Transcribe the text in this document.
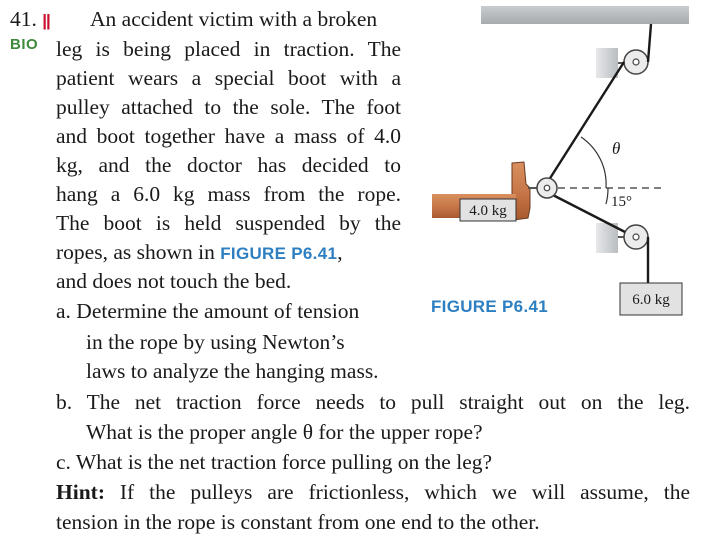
41. ||
BIO
An accident victim with a broken
leg is being placed in traction. The
patient wears a special boot with a
pulley attached to the sole. The foot
and boot together have a mass of 4.0
kg, and the doctor has decided to
hang a 6.0 kg mass from the rope.
The boot is held suspended by the
ropes, as shown in FIGURE P6.41,
and does not touch the bed.
a. Determine the amount of tension
in the rope by using Newton’s
laws to analyze the hanging mass.
b. The net traction force needs to pull straight out on the leg.
What is the proper angle θ for the upper rope?
c. What is the net traction force pulling on the leg?
Hint: If the pulleys are frictionless, which we will assume, the
tension in the rope is constant from one end to the other.
θ
15°
4.0 kg
6.0 kg
FIGURE P6.41
